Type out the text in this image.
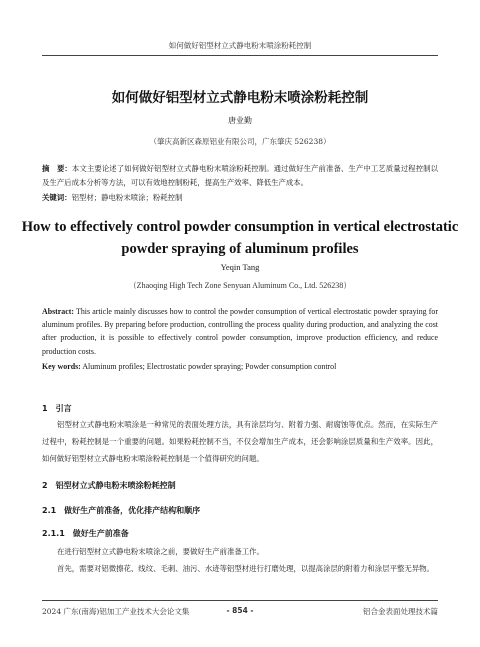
如何做好铝型材立式静电粉末喷涂粉耗控制
如何做好铝型材立式静电粉末喷涂粉耗控制
唐业勤
（肇庆高新区森原铝业有限公司，广东肇庆 526238）
摘　要：本文主要论述了如何做好铝型材立式静电粉末喷涂粉耗控制。通过做好生产前准备、生产中工艺质量过程控制以及生产后成本分析等方法，可以有效地控制粉耗，提高生产效率、降低生产成本。
关键词：铝型材；静电粉末喷涂；粉耗控制
How to effectively control powder consumption in vertical electrostatic powder spraying of aluminum profiles
Yeqin Tang
（Zhaoqing High Tech Zone Senyuan Aluminum Co., Ltd. 526238）
Abstract: This article mainly discusses how to control the powder consumption of vertical electrostatic powder spraying for aluminum profiles. By preparing before production, controlling the process quality during production, and analyzing the cost after production, it is possible to effectively control powder consumption, improve production efficiency, and reduce production costs.
Key words: Aluminum profiles; Electrostatic powder spraying; Powder consumption control
1　引言
铝型材立式静电粉末喷涂是一种常见的表面处理方法，具有涂层均匀、附着力强、耐腐蚀等优点。然而，在实际生产过程中，粉耗控制是一个重要的问题。如果粉耗控制不当，不仅会增加生产成本，还会影响涂层质量和生产效率。因此，如何做好铝型材立式静电粉末喷涂粉耗控制是一个值得研究的问题。
2　铝型材立式静电粉末喷涂粉耗控制
2.1　做好生产前准备，优化排产结构和顺序
2.1.1　做好生产前准备
在进行铝型材立式静电粉末喷涂之前，要做好生产前准备工作。
首先，需要对铝微擦花、线纹、毛刺、油污、水迹等铝型材进行打磨处理，以提高涂层的附着力和涂层平整无异物。
2024 广东(南海)铝加工产业技术大会论文集	- 854 -	铝合金表面处理技术篇
